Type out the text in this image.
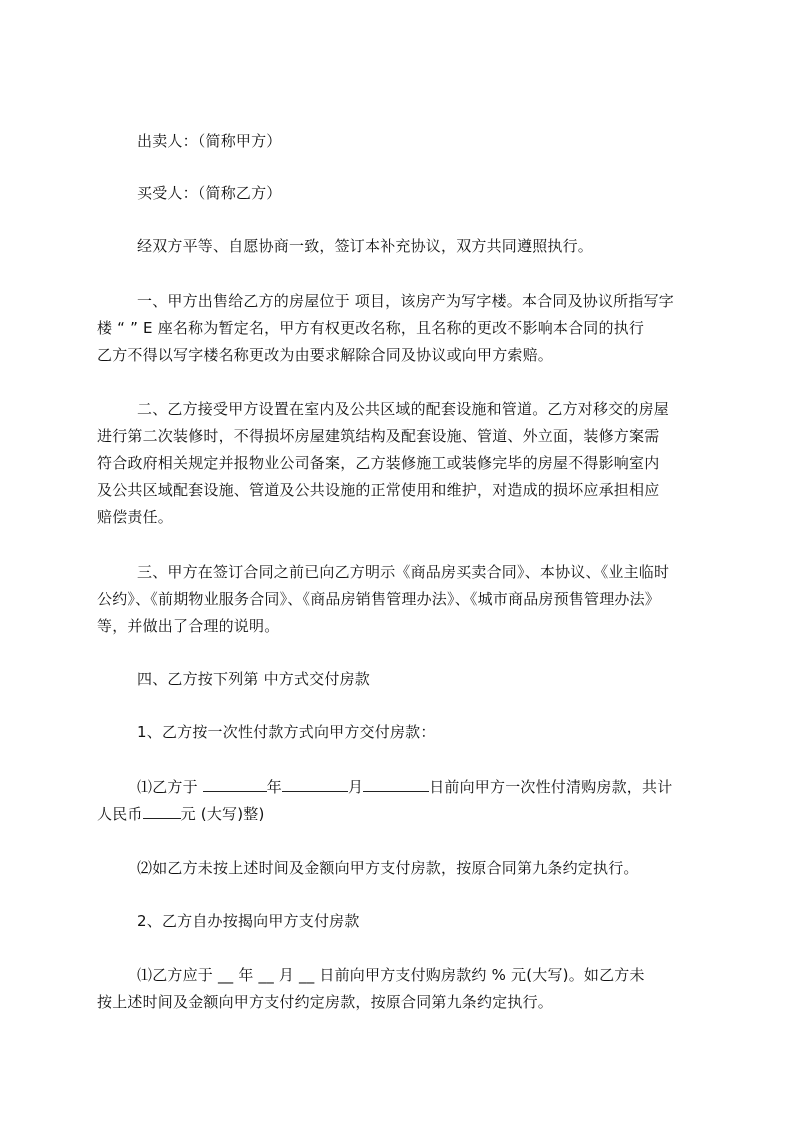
出卖人：（简称甲方）
买受人：（简称乙方）
经双方平等、自愿协商一致，签订本补充协议，双方共同遵照执行。
一、甲方出售给乙方的房屋位于 项目，该房产为写字楼。本合同及协议所指写字
楼 “ ” E 座名称为暂定名，甲方有权更改名称，且名称的更改不影响本合同的执行
乙方不得以写字楼名称更改为由要求解除合同及协议或向甲方索赔。
二、乙方接受甲方设置在室内及公共区域的配套设施和管道。乙方对移交的房屋
进行第二次装修时，不得损坏房屋建筑结构及配套设施、管道、外立面，装修方案需
符合政府相关规定并报物业公司备案，乙方装修施工或装修完毕的房屋不得影响室内
及公共区域配套设施、管道及公共设施的正常使用和维护，对造成的损坏应承担相应
赔偿责任。
三、甲方在签订合同之前已向乙方明示《商品房买卖合同》、本协议、《业主临时
公约》、《前期物业服务合同》、《商品房销售管理办法》、《城市商品房预售管理办法》
等，并做出了合理的说明。
四、乙方按下列第 中方式交付房款
1、乙方按一次性付款方式向甲方交付房款：
⑴乙方于	年	月	日前向甲方一次性付清购房款，共计
人民币	元 (大写)整)
⑵如乙方未按上述时间及金额向甲方支付房款，按原合同第九条约定执行。
2、乙方自办按揭向甲方支付房款
⑴乙方应于 __ 年 __ 月 __ 日前向甲方支付购房款约 % 元(大写)。如乙方未
按上述时间及金额向甲方支付约定房款，按原合同第九条约定执行。
